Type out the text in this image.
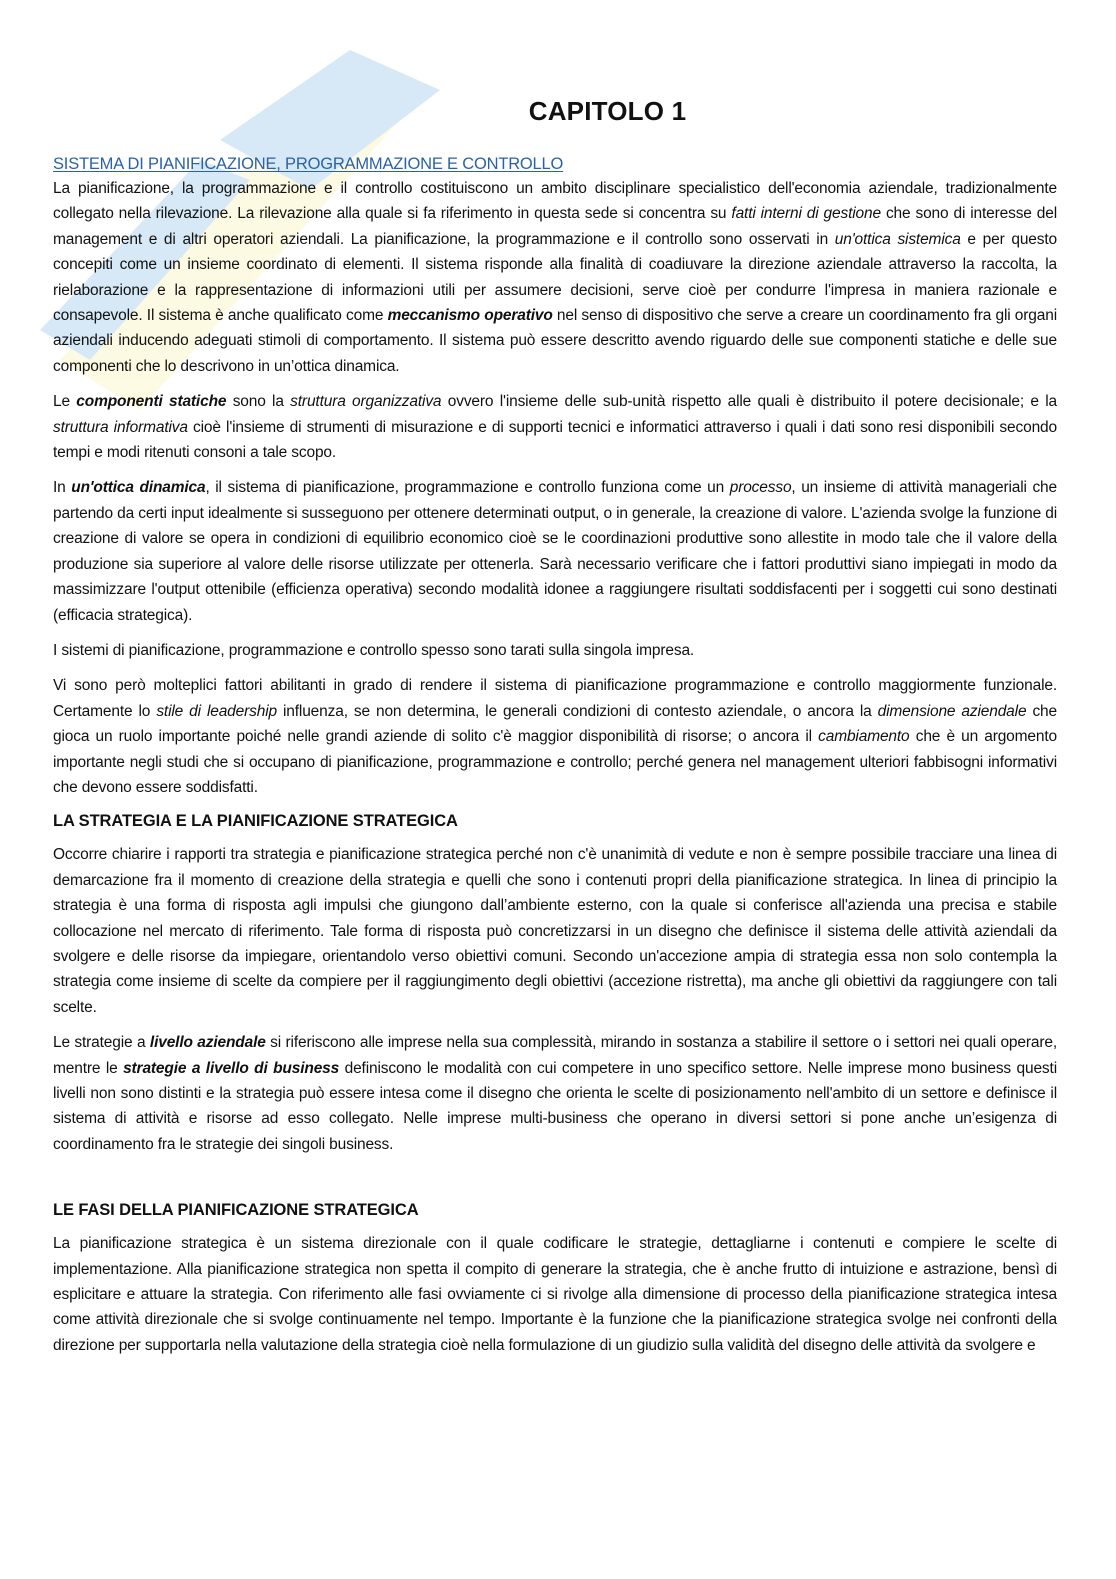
CAPITOLO 1
SISTEMA DI PIANIFICAZIONE, PROGRAMMAZIONE E CONTROLLO

La pianificazione, la programmazione e il controllo costituiscono un ambito disciplinare specialistico dell'economia aziendale, tradizionalmente collegato nella rilevazione. La rilevazione alla quale si fa riferimento in questa sede si concentra su fatti interni di gestione che sono di interesse del management e di altri operatori aziendali. La pianificazione, la programmazione e il controllo sono osservati in un'ottica sistemica e per questo concepiti come un insieme coordinato di elementi. Il sistema risponde alla finalità di coadiuvare la direzione aziendale attraverso la raccolta, la rielaborazione e la rappresentazione di informazioni utili per assumere decisioni, serve cioè per condurre l'impresa in maniera razionale e consapevole. Il sistema è anche qualificato come meccanismo operativo nel senso di dispositivo che serve a creare un coordinamento fra gli organi aziendali inducendo adeguati stimoli di comportamento. Il sistema può essere descritto avendo riguardo delle sue componenti statiche e delle sue componenti che lo descrivono in un’ottica dinamica.

Le componenti statiche sono la struttura organizzativa ovvero l'insieme delle sub-unità rispetto alle quali è distribuito il potere decisionale; e la struttura informativa cioè l'insieme di strumenti di misurazione e di supporti tecnici e informatici attraverso i quali i dati sono resi disponibili secondo tempi e modi ritenuti consoni a tale scopo.

In un'ottica dinamica, il sistema di pianificazione, programmazione e controllo funziona come un processo, un insieme di attività manageriali che partendo da certi input idealmente si susseguono per ottenere determinati output, o in generale, la creazione di valore. L'azienda svolge la funzione di creazione di valore se opera in condizioni di equilibrio economico cioè se le coordinazioni produttive sono allestite in modo tale che il valore della produzione sia superiore al valore delle risorse utilizzate per ottenerla. Sarà necessario verificare che i fattori produttivi siano impiegati in modo da massimizzare l'output ottenibile (efficienza operativa) secondo modalità idonee a raggiungere risultati soddisfacenti per i soggetti cui sono destinati (efficacia strategica).

I sistemi di pianificazione, programmazione e controllo spesso sono tarati sulla singola impresa.

Vi sono però molteplici fattori abilitanti in grado di rendere il sistema di pianificazione programmazione e controllo maggiormente funzionale. Certamente lo stile di leadership influenza, se non determina, le generali condizioni di contesto aziendale, o ancora la dimensione aziendale che gioca un ruolo importante poiché nelle grandi aziende di solito c'è maggior disponibilità di risorse; o ancora il cambiamento che è un argomento importante negli studi che si occupano di pianificazione, programmazione e controllo; perché genera nel management ulteriori fabbisogni informativi che devono essere soddisfatti.

LA STRATEGIA E LA PIANIFICAZIONE STRATEGICA

Occorre chiarire i rapporti tra strategia e pianificazione strategica perché non c'è unanimità di vedute e non è sempre possibile tracciare una linea di demarcazione fra il momento di creazione della strategia e quelli che sono i contenuti propri della pianificazione strategica. In linea di principio la strategia è una forma di risposta agli impulsi che giungono dall’ambiente esterno, con la quale si conferisce all'azienda una precisa e stabile collocazione nel mercato di riferimento. Tale forma di risposta può concretizzarsi in un disegno che definisce il sistema delle attività aziendali da svolgere e delle risorse da impiegare, orientandolo verso obiettivi comuni. Secondo un'accezione ampia di strategia essa non solo contempla la strategia come insieme di scelte da compiere per il raggiungimento degli obiettivi (accezione ristretta), ma anche gli obiettivi da raggiungere con tali scelte.

Le strategie a livello aziendale si riferiscono alle imprese nella sua complessità, mirando in sostanza a stabilire il settore o i settori nei quali operare, mentre le strategie a livello di business definiscono le modalità con cui competere in uno specifico settore. Nelle imprese mono business questi livelli non sono distinti e la strategia può essere intesa come il disegno che orienta le scelte di posizionamento nell'ambito di un settore e definisce il sistema di attività e risorse ad esso collegato. Nelle imprese multi-business che operano in diversi settori si pone anche un’esigenza di coordinamento fra le strategie dei singoli business.

LE FASI DELLA PIANIFICAZIONE STRATEGICA

La pianificazione strategica è un sistema direzionale con il quale codificare le strategie, dettagliarne i contenuti e compiere le scelte di implementazione. Alla pianificazione strategica non spetta il compito di generare la strategia, che è anche frutto di intuizione e astrazione, bensì di esplicitare e attuare la strategia. Con riferimento alle fasi ovviamente ci si rivolge alla dimensione di processo della pianificazione strategica intesa come attività direzionale che si svolge continuamente nel tempo. Importante è la funzione che la pianificazione strategica svolge nei confronti della direzione per supportarla nella valutazione della strategia cioè nella formulazione di un giudizio sulla validità del disegno delle attività da svolgere e
